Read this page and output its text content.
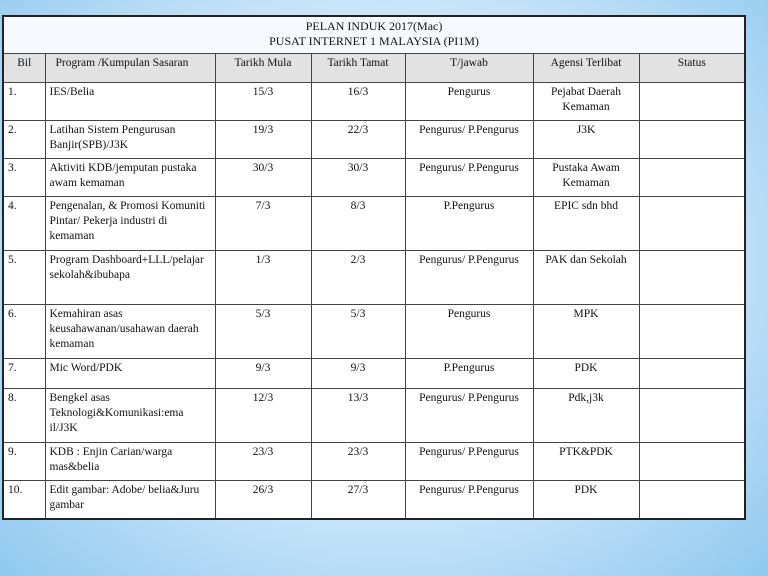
PELAN INDUK 2017(Mac)
PUSAT INTERNET 1 MALAYSIA (PI1M)						

Bil	Program /Kumpulan Sasaran	Tarikh Mula	Tarikh Tamat	T/jawab	Agensi Terlibat	Status
1.	IES/Belia	15/3	16/3	Pengurus	Pejabat Daerah Kemaman	
2.	Latihan Sistem Pengurusan Banjir(SPB)/J3K	19/3	22/3	Pengurus/ P.Pengurus	J3K	
3.	Aktiviti KDB/jemputan pustaka awam kemaman	30/3	30/3	Pengurus/ P.Pengurus	Pustaka Awam Kemaman	
4.	Pengenalan, & Promosi Komuniti Pintar/ Pekerja industri di kemaman	7/3	8/3	P.Pengurus	EPIC sdn bhd	
5.	Program Dashboard+LLL/pelajar sekolah&ibubapa	1/3	2/3	Pengurus/ P.Pengurus	PAK dan Sekolah	
6.	Kemahiran asas keusahawanan/usahawan daerah kemaman	5/3	5/3	Pengurus	MPK	
7.	Mic Word/PDK	9/3	9/3	P.Pengurus	PDK	
8.	Bengkel asas Teknologi&Komunikasi:ema il/J3K	12/3	13/3	Pengurus/ P.Pengurus	Pdk,j3k	
9.	KDB : Enjin Carian/warga mas&belia	23/3	23/3	Pengurus/ P.Pengurus	PTK&PDK	
10.	Edit gambar: Adobe/ belia&Juru gambar	26/3	27/3	Pengurus/ P.Pengurus	PDK	
